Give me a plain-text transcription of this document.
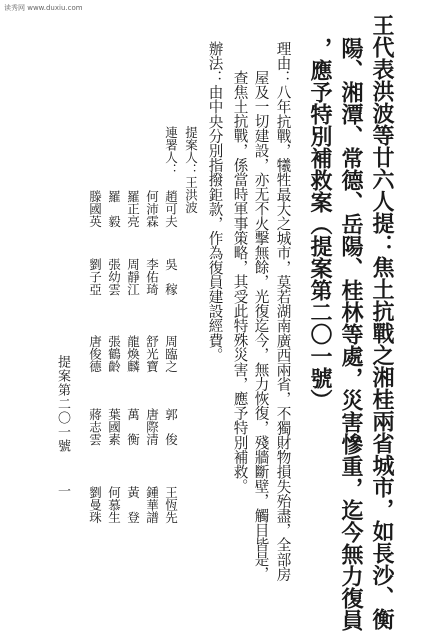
读秀网 www.duxiu.com
王代表洪波等廿六人提：焦土抗戰之湘桂兩省城市，如長沙、衡
陽、湘潭、常德、岳陽、桂林等處，災害慘重，迄今無力復員
，應予特別補救案（提案第二〇一號）
理由：八年抗戰，犧牲最大之城市，莫若湖南廣西兩省，不獨財物損失殆盡，全部房
屋及一切建設，亦无不火擊無餘，光復迄今，無力恢復，殘牆斷壁，觸目皆是，
查焦土抗戰，係當時軍事策略，其受此特殊災害，應予特別補救。
辦法：由中央分別指撥鉅款，作為復員建設經費。
提案人：王洪波
連署人：
趙可夫
吳　稼
周臨之
郭　俊
王恆先
何沛霖
李佑琦
舒光寶
唐際清
鍾華譜
羅正亮
周靜江
龍煥麟
萬　衡
黃　登
羅　毅
張幼雲
張鶴齡
葉國素
何慕生
滕國英
劉子亞
唐俊德
蔣志雲
劉曼珠
提案第二〇一號
一
